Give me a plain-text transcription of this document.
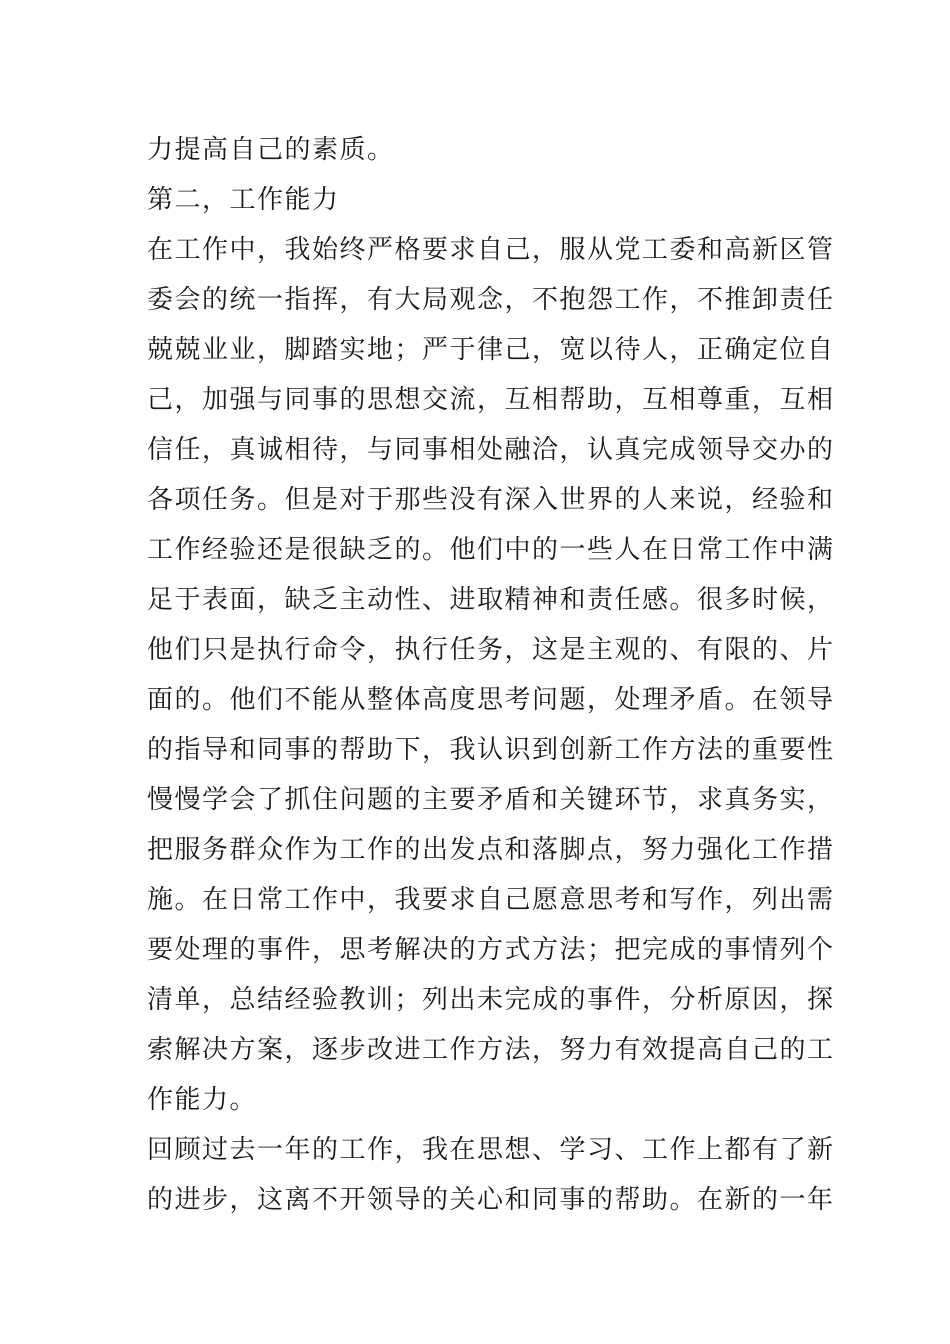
力提高自己的素质。
第二，工作能力
在工作中，我始终严格要求自己，服从党工委和高新区管
委会的统一指挥，有大局观念，不抱怨工作，不推卸责任
兢兢业业，脚踏实地；严于律己，宽以待人，正确定位自
己，加强与同事的思想交流，互相帮助，互相尊重，互相
信任，真诚相待，与同事相处融洽，认真完成领导交办的
各项任务。但是对于那些没有深入世界的人来说，经验和
工作经验还是很缺乏的。他们中的一些人在日常工作中满
足于表面，缺乏主动性、进取精神和责任感。很多时候，
他们只是执行命令，执行任务，这是主观的、有限的、片
面的。他们不能从整体高度思考问题，处理矛盾。在领导
的指导和同事的帮助下，我认识到创新工作方法的重要性
慢慢学会了抓住问题的主要矛盾和关键环节，求真务实，
把服务群众作为工作的出发点和落脚点，努力强化工作措
施。在日常工作中，我要求自己愿意思考和写作，列出需
要处理的事件，思考解决的方式方法；把完成的事情列个
清单，总结经验教训；列出未完成的事件，分析原因，探
索解决方案，逐步改进工作方法，努力有效提高自己的工
作能力。
回顾过去一年的工作，我在思想、学习、工作上都有了新
的进步，这离不开领导的关心和同事的帮助。在新的一年
